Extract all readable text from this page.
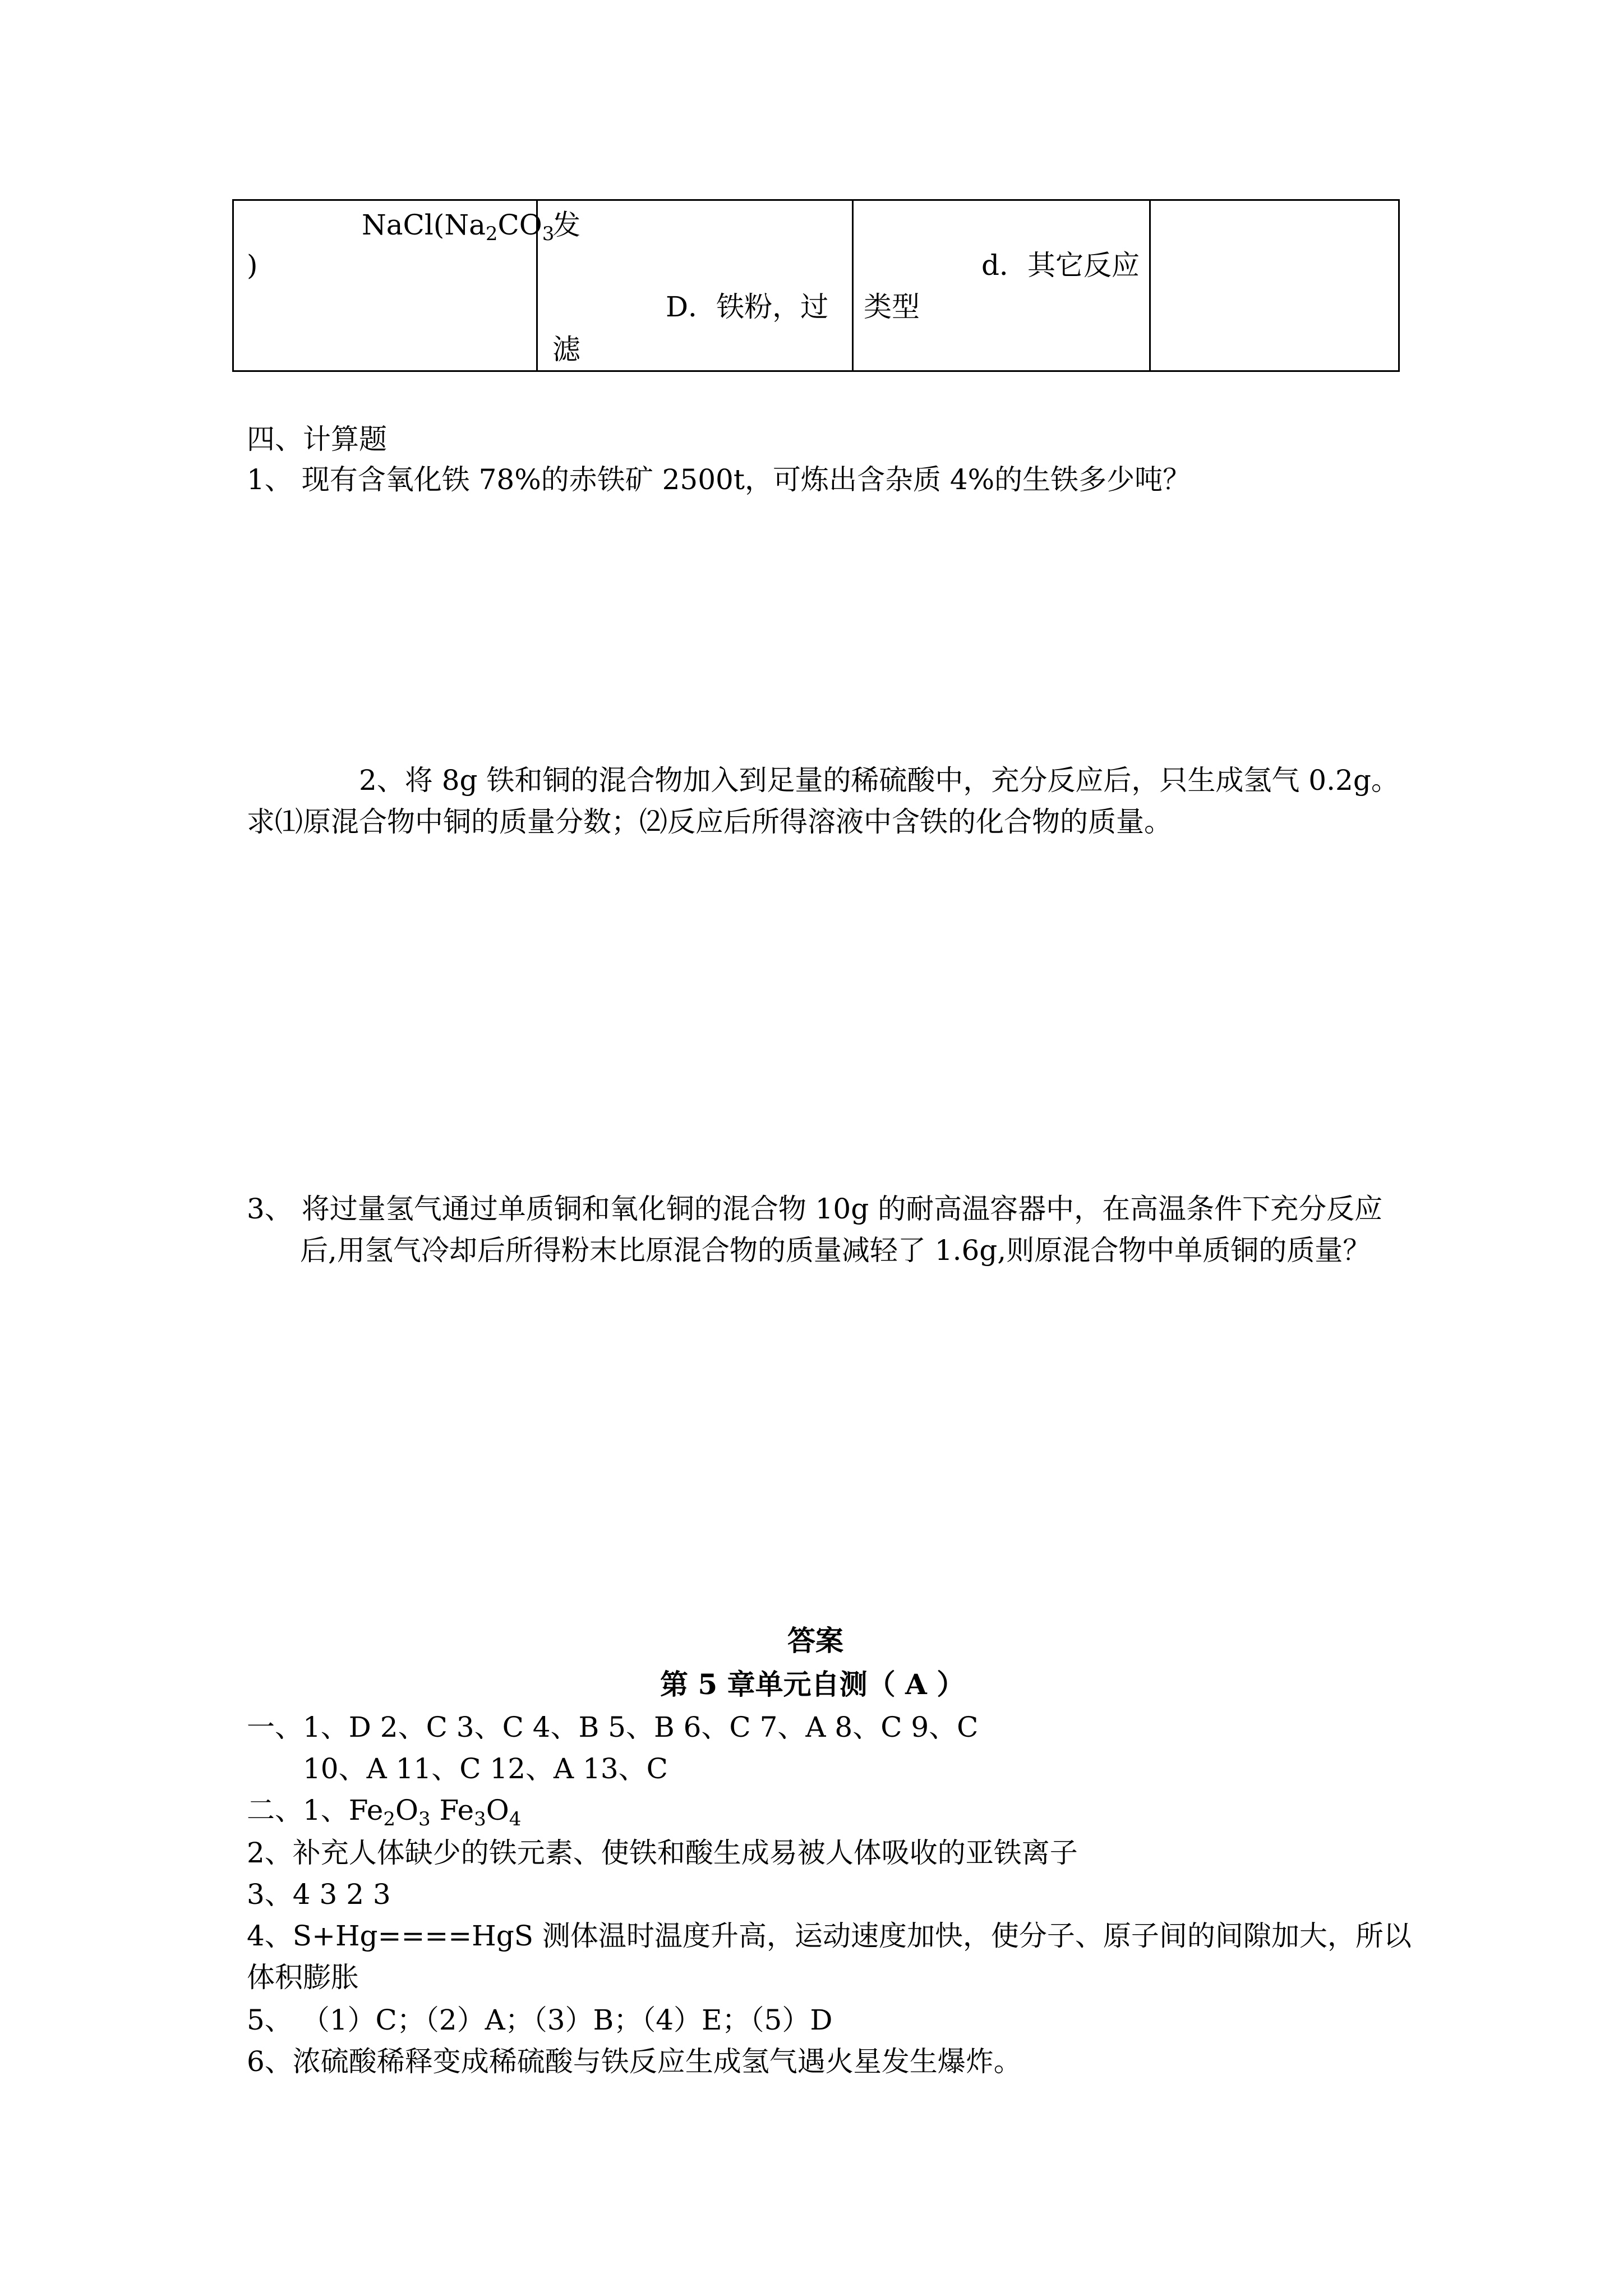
$NaCl(Na_2CO_3$
)
发
D．铁粉，过
滤
d．其它反应
类型
四、计算题
1、 现有含氧化铁 78%的赤铁矿 2500t，可炼出含杂质 4%的生铁多少吨？
2、将 8g 铁和铜的混合物加入到足量的稀硫酸中，充分反应后，只生成氢气 0.2g。
求⑴原混合物中铜的质量分数；⑵反应后所得溶液中含铁的化合物的质量。
3、 将过量氢气通过单质铜和氧化铜的混合物 10g 的耐高温容器中，在高温条件下充分反应
后,用氢气冷却后所得粉末比原混合物的质量减轻了 1.6g,则原混合物中单质铜的质量？
答案
第 5 章单元自测（ A ）
一、1、D 2、C 3、C 4、B 5、B 6、C 7、A 8、C 9、C
10、A 11、C 12、A 13、C
二、1、$Fe_2O_3$ $Fe_3O_4$
2、补充人体缺少的铁元素、使铁和酸生成易被人体吸收的亚铁离子
3、4 3 2 3
4、S+Hg====HgS 测体温时温度升高，运动速度加快，使分子、原子间的间隙加大，所以
体积膨胀
5、 （1）C；（2）A；（3）B；（4）E；（5）D
6、浓硫酸稀释变成稀硫酸与铁反应生成氢气遇火星发生爆炸。
